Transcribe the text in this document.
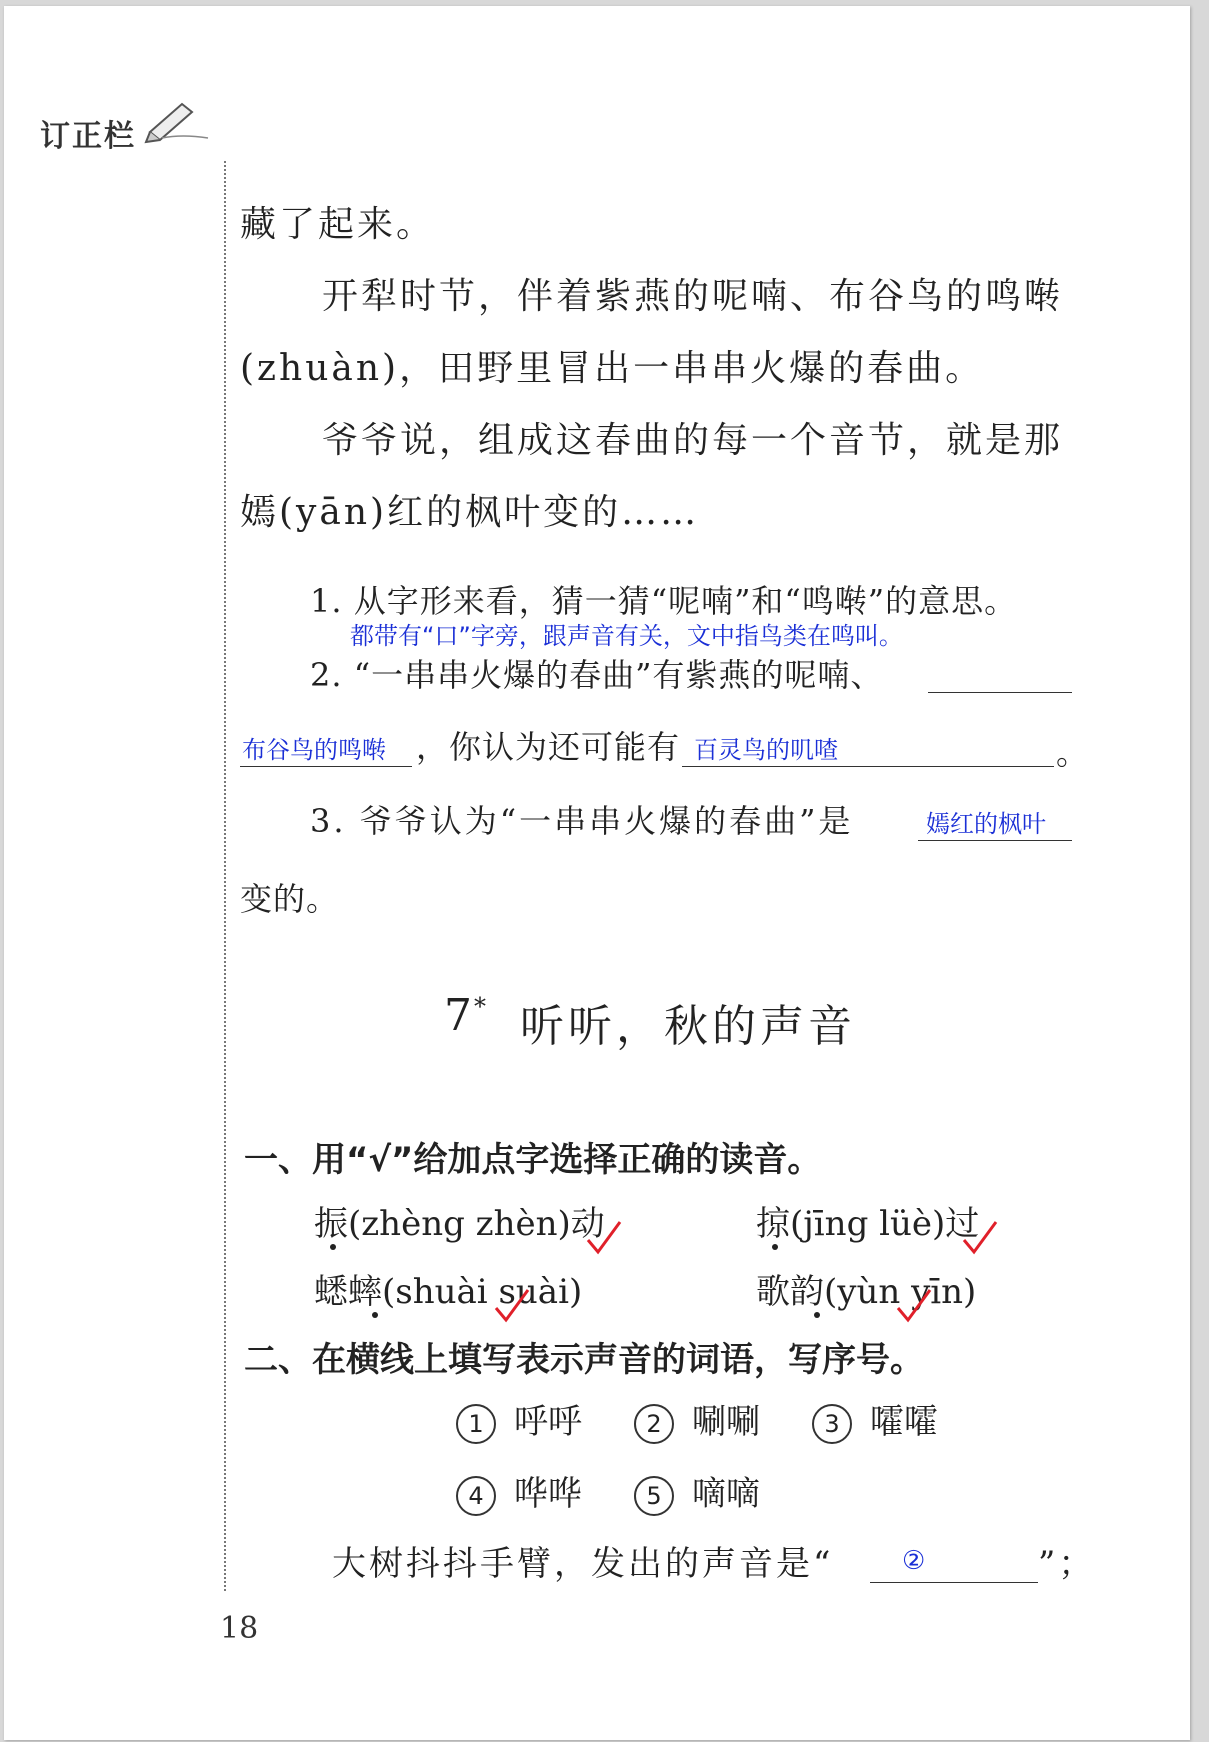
订正栏
藏了起来。
开犁时节，伴着紫燕的呢喃、布谷鸟的鸣啭
(zhuàn)，田野里冒出一串串火爆的春曲。
爷爷说，组成这春曲的每一个音节，就是那
嫣(yān)红的枫叶变的……
1. 从字形来看，猜一猜“呢喃”和“鸣啭”的意思。
都带有“口”字旁，跟声音有关，文中指鸟类在鸣叫。
2. “一串串火爆的春曲”有紫燕的呢喃、
布谷鸟的鸣啭 ，你认为还可能有 百灵鸟的叽喳	。
3. 爷爷认为“一串串火爆的春曲”是	嫣红的枫叶
变的。
7* 听听，秋的声音
一、用“√”给加点字选择正确的读音。
振(zhèng zhèn)动	掠(jīng lüè)过
蟋蟀(shuài suài)	歌韵(yùn yīn)
二、在横线上填写表示声音的词语，写序号。
1 呼呼	2 唰唰	3 嚯嚯
4 哗哗	5 嘀嘀
大树抖抖手臂，发出的声音是“	②	”；
18
